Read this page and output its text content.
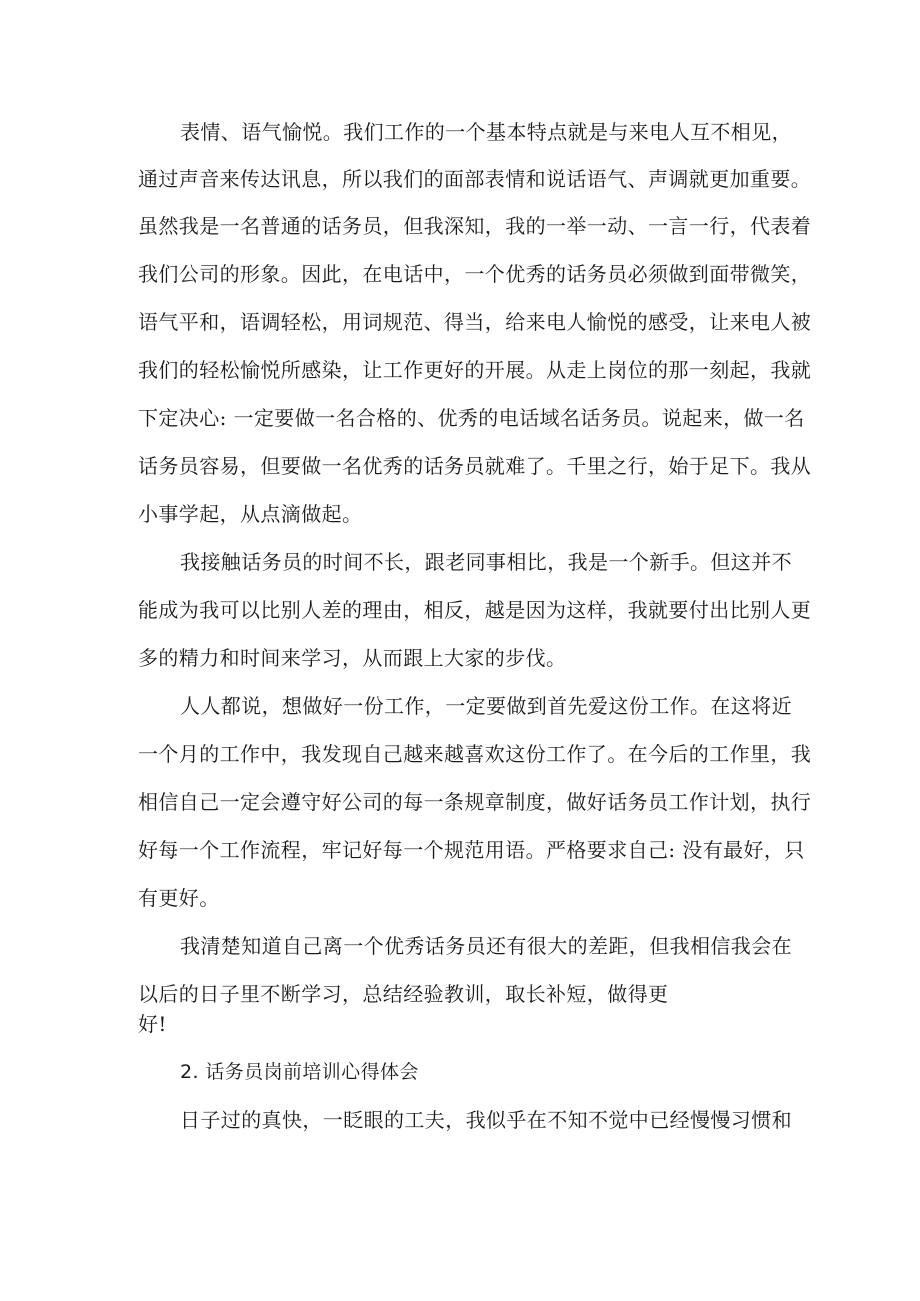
表情、语气愉悦。我们工作的一个基本特点就是与来电人互不相见，
通过声音来传达讯息，所以我们的面部表情和说话语气、声调就更加重要。
虽然我是一名普通的话务员，但我深知，我的一举一动、一言一行，代表着
我们公司的形象。因此，在电话中，一个优秀的话务员必须做到面带微笑，
语气平和，语调轻松，用词规范、得当，给来电人愉悦的感受，让来电人被
我们的轻松愉悦所感染，让工作更好的开展。从走上岗位的那一刻起，我就
下定决心: 一定要做一名合格的、优秀的电话域名话务员。说起来，做一名
话务员容易，但要做一名优秀的话务员就难了。千里之行，始于足下。我从
小事学起，从点滴做起。
我接触话务员的时间不长，跟老同事相比，我是一个新手。但这并不
能成为我可以比别人差的理由，相反，越是因为这样，我就要付出比别人更
多的精力和时间来学习，从而跟上大家的步伐。
人人都说，想做好一份工作，一定要做到首先爱这份工作。在这将近
一个月的工作中，我发现自己越来越喜欢这份工作了。在今后的工作里，我
相信自己一定会遵守好公司的每一条规章制度，做好话务员工作计划，执行
好每一个工作流程，牢记好每一个规范用语。严格要求自己: 没有最好，只
有更好。
我清楚知道自己离一个优秀话务员还有很大的差距，但我相信我会在
以后的日子里不断学习，总结经验教训，取长补短，做得更
好!
2. 话务员岗前培训心得体会
日子过的真快，一眨眼的工夫，我似乎在不知不觉中已经慢慢习惯和
